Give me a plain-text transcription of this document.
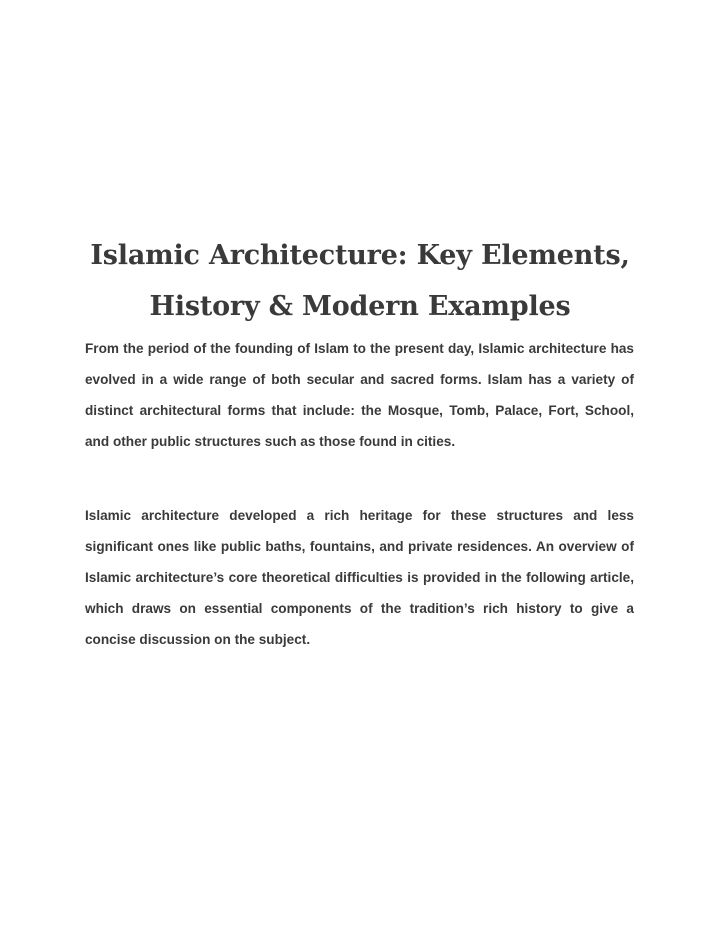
Islamic Architecture: Key Elements, History & Modern Examples

From the period of the founding of Islam to the present day, Islamic architecture has evolved in a wide range of both secular and sacred forms. Islam has a variety of distinct architectural forms that include: the Mosque, Tomb, Palace, Fort, School, and other public structures such as those found in cities.

Islamic architecture developed a rich heritage for these structures and less significant ones like public baths, fountains, and private residences. An overview of Islamic architecture’s core theoretical difficulties is provided in the following article, which draws on essential components of the tradition’s rich history to give a concise discussion on the subject.
